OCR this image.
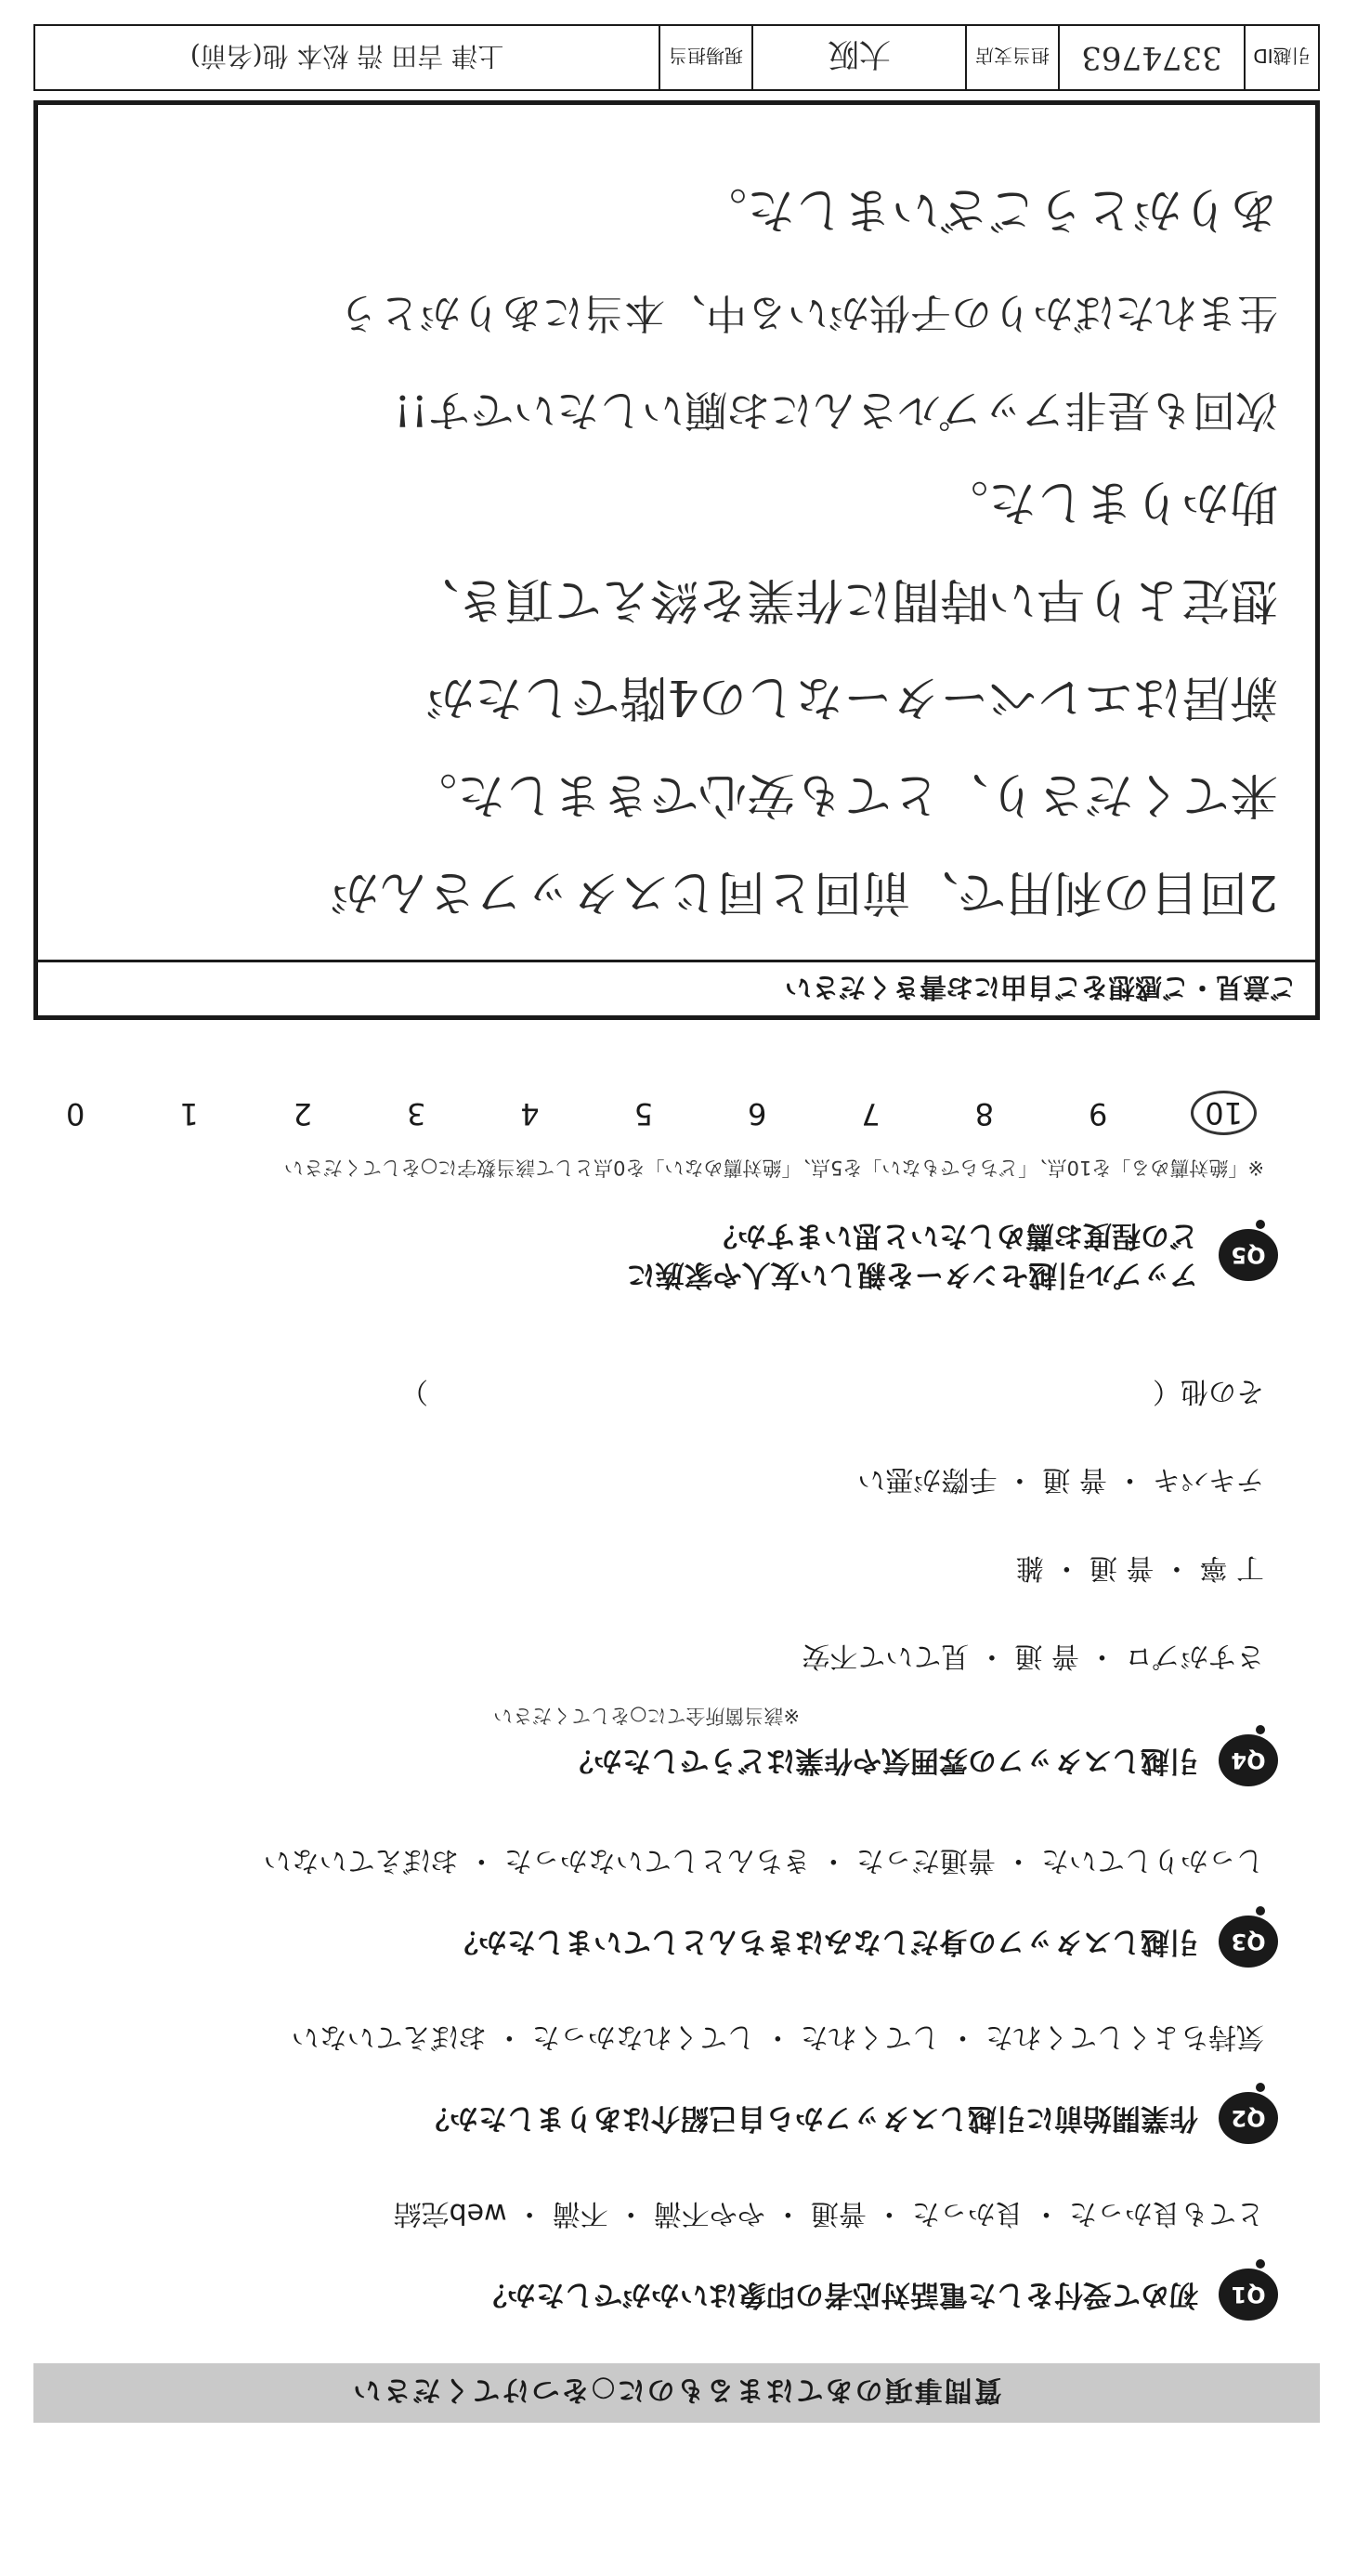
質問事項のあてはまるものに○をつけてください
Q1
初めて受付をした電話対応者の印象はいかがでしたか？
とても良かった ・ 良かった ・ 普通 ・ やや不満 ・ 不満 ・ web完結
Q2
作業開始前に引越しスタッフから自己紹介はありましたか？
気持ちよくしてくれた ・ してくれた ・ してくれなかった ・ おぼえていない
Q3
引越しスタッフの身だしなみはきちんとしていましたか？
しっかりしていた ・ 普通だった ・ きちんとしていなかった ・ おぼえていない
Q4
引越しスタッフの雰囲気や作業はどうでしたか？
※該当箇所全てに○をしてください
さすがプロ ・ 普 通 ・ 見ていて不安
丁 寧 ・ 普 通 ・ 雑
テキパキ ・ 普 通 ・ 手際が悪い
その他（　　　　　　　　　　　　　　　　　　　　　　　　　　）
Q5
アップル引越センターを親しい友人や家族に
どの程度お薦めしたいと思いますか？
※「絶対薦める」を10点、「どちらでもない」を5点、「絶対薦めない」を0点として該当数字に○をしてください
10
9
8
7
6
5
4
3
2
1
0
ご意見・ご感想をご自由にお書きください
2回目の利用で、前回と同じスタッフさんが
来てくださり、とても安心できました。
新居はエレベーターなしの4階でしたが
想定より早い時間に作業を終えて頂き、
助かりました。
次回も是非アップルさんにお願いしたいです!!
生まれたばかりの子供がいる中、本当にありがとう
ありがとうございました。
引越ID
3374763
担当支店
大阪
現場担当
上津 吉田 浩 松本 他(名前)
